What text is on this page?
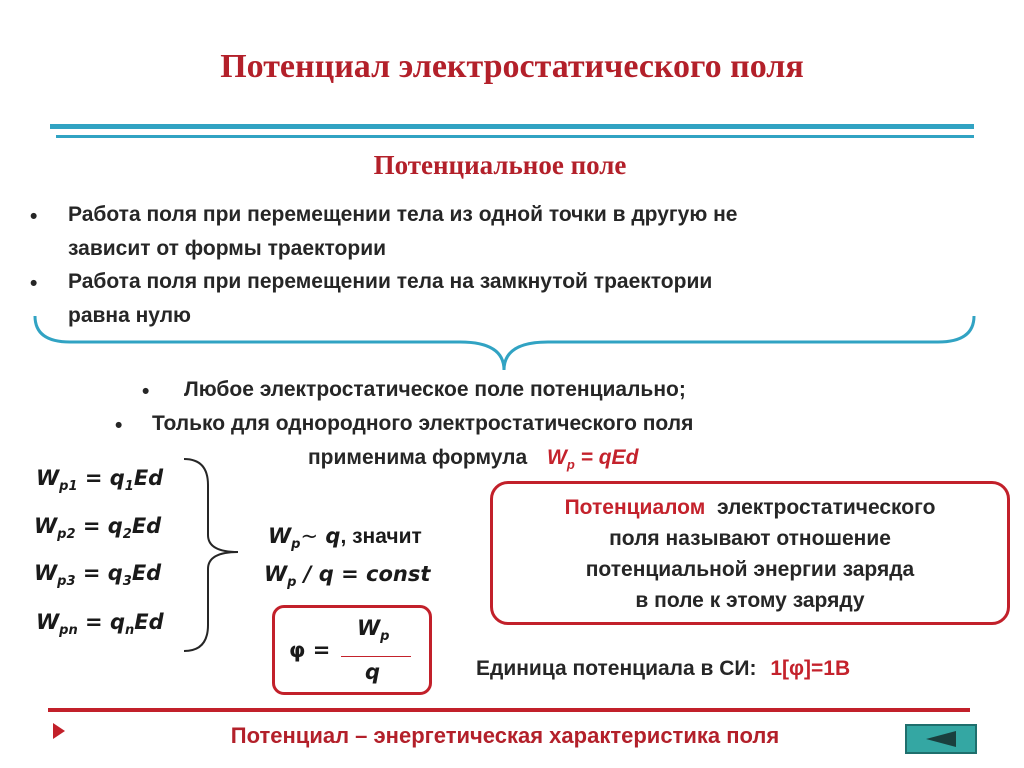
Потенциал электростатического поля
Потенциальное поле
• Работа поля при перемещении тела из одной точки в другую не
зависит от формы траектории
• Работа поля при перемещении тела на замкнутой траектории
равна нулю
• Любое электростатическое поле потенциально;
• Только для однородного электростатического поля
применима формула $W_p$ = qEd
$W_{p1} = q_1Ed$
$W_{p2} = q_2Ed$
$W_{p3} = q_3Ed$
$W_{pn} = q_nEd$
$W_p\sim$ q, значит
$W_p$ / q = const
φ =
$W_p$
q
Потенциалом  электростатического
поля называют отношение
потенциальной энергии заряда
в поле к этому заряду
Единица потенциала в СИ: 1[φ]=1В
Потенциал – энергетическая характеристика поля
